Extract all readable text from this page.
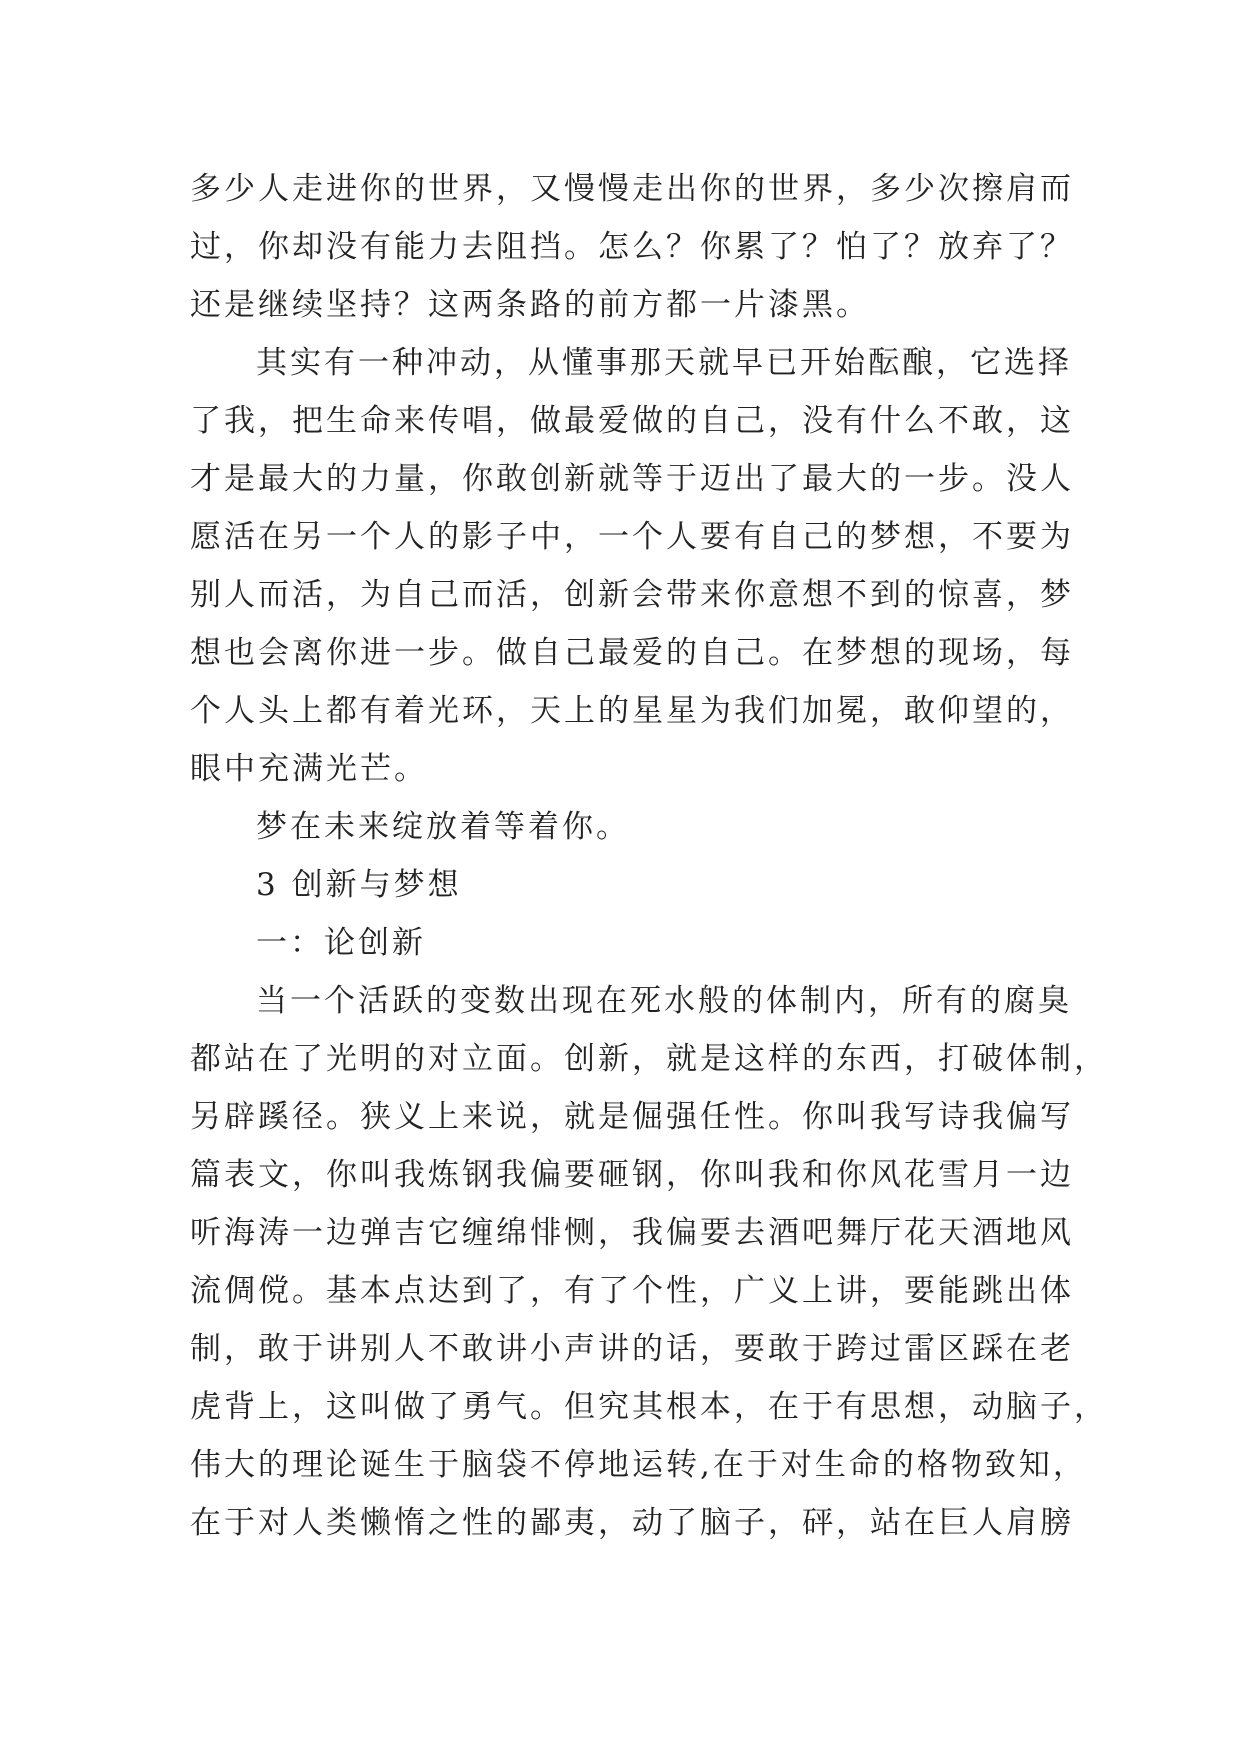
多少人走进你的世界，又慢慢走出你的世界，多少次擦肩而
过，你却没有能力去阻挡。怎么？你累了？怕了？放弃了？
还是继续坚持？这两条路的前方都一片漆黑。
其实有一种冲动，从懂事那天就早已开始酝酿，它选择
了我，把生命来传唱，做最爱做的自己，没有什么不敢，这
才是最大的力量，你敢创新就等于迈出了最大的一步。没人
愿活在另一个人的影子中，一个人要有自己的梦想，不要为
别人而活，为自己而活，创新会带来你意想不到的惊喜，梦
想也会离你进一步。做自己最爱的自己。在梦想的现场，每
个人头上都有着光环，天上的星星为我们加冕，敢仰望的，
眼中充满光芒。
梦在未来绽放着等着你。
3 创新与梦想
一：论创新
当一个活跃的变数出现在死水般的体制内，所有的腐臭
都站在了光明的对立面。创新，就是这样的东西，打破体制，
另辟蹊径。狭义上来说，就是倔强任性。你叫我写诗我偏写
篇表文，你叫我炼钢我偏要砸钢，你叫我和你风花雪月一边
听海涛一边弹吉它缠绵悱恻，我偏要去酒吧舞厅花天酒地风
流倜傥。基本点达到了，有了个性，广义上讲，要能跳出体
制，敢于讲别人不敢讲小声讲的话，要敢于跨过雷区踩在老
虎背上，这叫做了勇气。但究其根本，在于有思想，动脑子，
伟大的理论诞生于脑袋不停地运转,在于对生命的格物致知，
在于对人类懒惰之性的鄙夷，动了脑子，砰，站在巨人肩膀
